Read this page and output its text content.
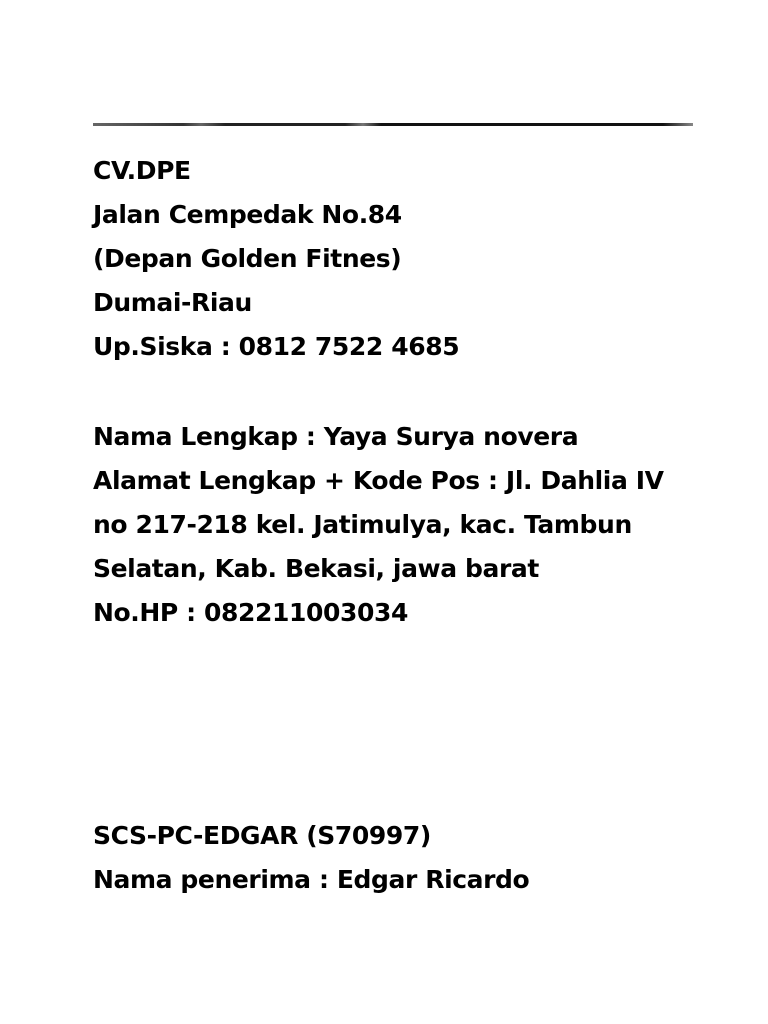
CV.DPE
Jalan Cempedak No.84
(Depan Golden Fitnes)
Dumai-Riau
Up.Siska : 0812 7522 4685
Nama Lengkap : Yaya Surya novera
Alamat Lengkap + Kode Pos : Jl. Dahlia IV
no 217-218 kel. Jatimulya, kac. Tambun
Selatan, Kab. Bekasi, jawa barat
No.HP : 082211003034
SCS-PC-EDGAR (S70997)
Nama penerima : Edgar Ricardo
